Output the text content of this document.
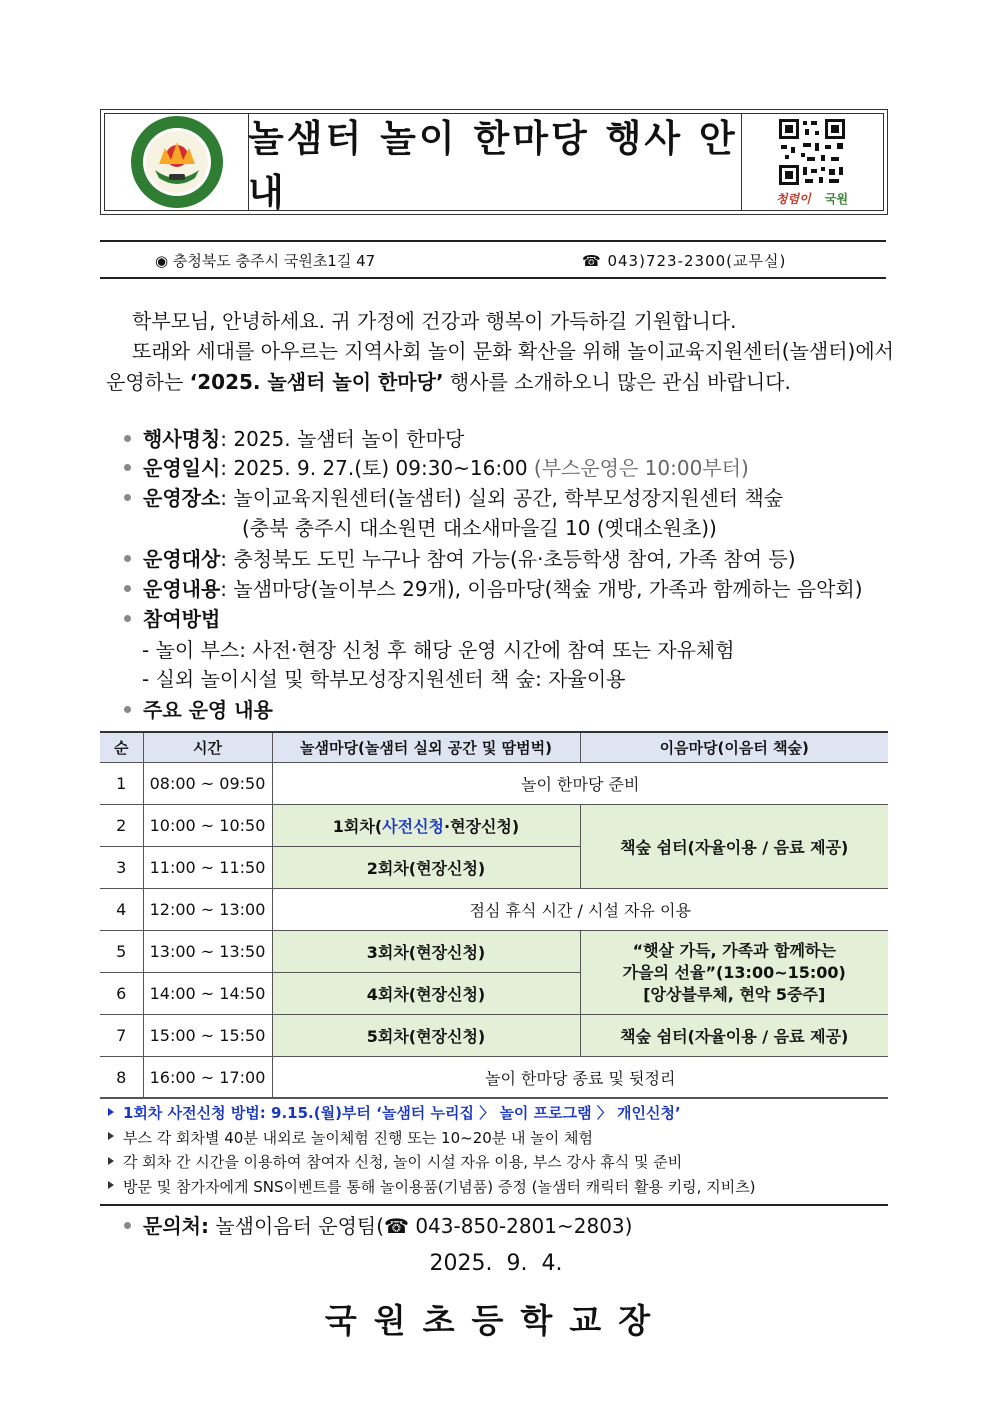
놀샘터 놀이 한마당 행사 안내	청렴이 국원
◉ 충청북도 충주시 국원초1길 47	☎ 043)723-2300(교무실)
학부모님, 안녕하세요. 귀 가정에 건강과 행복이 가득하길 기원합니다.
또래와 세대를 아우르는 지역사회 놀이 문화 확산을 위해 놀이교육지원센터(놀샘터)에서
운영하는 ‘2025. 놀샘터 놀이 한마당’ 행사를 소개하오니 많은 관심 바랍니다.
행사명칭: 2025. 놀샘터 놀이 한마당
운영일시: 2025. 9. 27.(토) 09:30~16:00 (부스운영은 10:00부터)
운영장소: 놀이교육지원센터(놀샘터) 실외 공간, 학부모성장지원센터 책숲
(충북 충주시 대소원면 대소새마을길 10 (옛대소원초))
운영대상: 충청북도 도민 누구나 참여 가능(유·초등학생 참여, 가족 참여 등)
운영내용: 놀샘마당(놀이부스 29개), 이음마당(책숲 개방, 가족과 함께하는 음악회)
참여방법
- 놀이 부스: 사전·현장 신청 후 해당 운영 시간에 참여 또는 자유체험
- 실외 놀이시설 및 학부모성장지원센터 책 숲: 자율이용
주요 운영 내용
순	시간	놀샘마당(놀샘터 실외 공간 및 땀범벅)	이음마당(이음터 책숲)
1	08:00 ~ 09:50	놀이 한마당 준비	
2	10:00 ~ 10:50	1회차(사전신청·현장신청)	책숲 쉼터(자율이용 / 음료 제공)
3	11:00 ~ 11:50	2회차(현장신청)	
4	12:00 ~ 13:00	점심 휴식 시간 / 시설 자유 이용	
5	13:00 ~ 13:50	3회차(현장신청)	“햇살 가득, 가족과 함께하는
가을의 선율”(13:00~15:00)
[앙상블루체, 현악 5중주]

6	14:00 ~ 14:50	4회차(현장신청)	
7	15:00 ~ 15:50	5회차(현장신청)	책숲 쉼터(자율이용 / 음료 제공)
8	16:00 ~ 17:00	놀이 한마당 종료 및 뒷정리	
1회차 사전신청 방법: 9.15.(월)부터 ‘놀샘터 누리집 〉 놀이 프로그램 〉 개인신청’
부스 각 회차별 40분 내외로 놀이체험 진행 또는 10~20분 내 놀이 체험
각 회차 간 시간을 이용하여 참여자 신청, 놀이 시설 자유 이용, 부스 강사 휴식 및 준비
방문 및 참가자에게 SNS이벤트를 통해 놀이용품(기념품) 증정 (놀샘터 캐릭터 활용 키링, 지비츠)
문의처: 놀샘이음터 운영팀(☎ 043-850-2801~2803)
2025.  9.  4.
국원초등학교장
